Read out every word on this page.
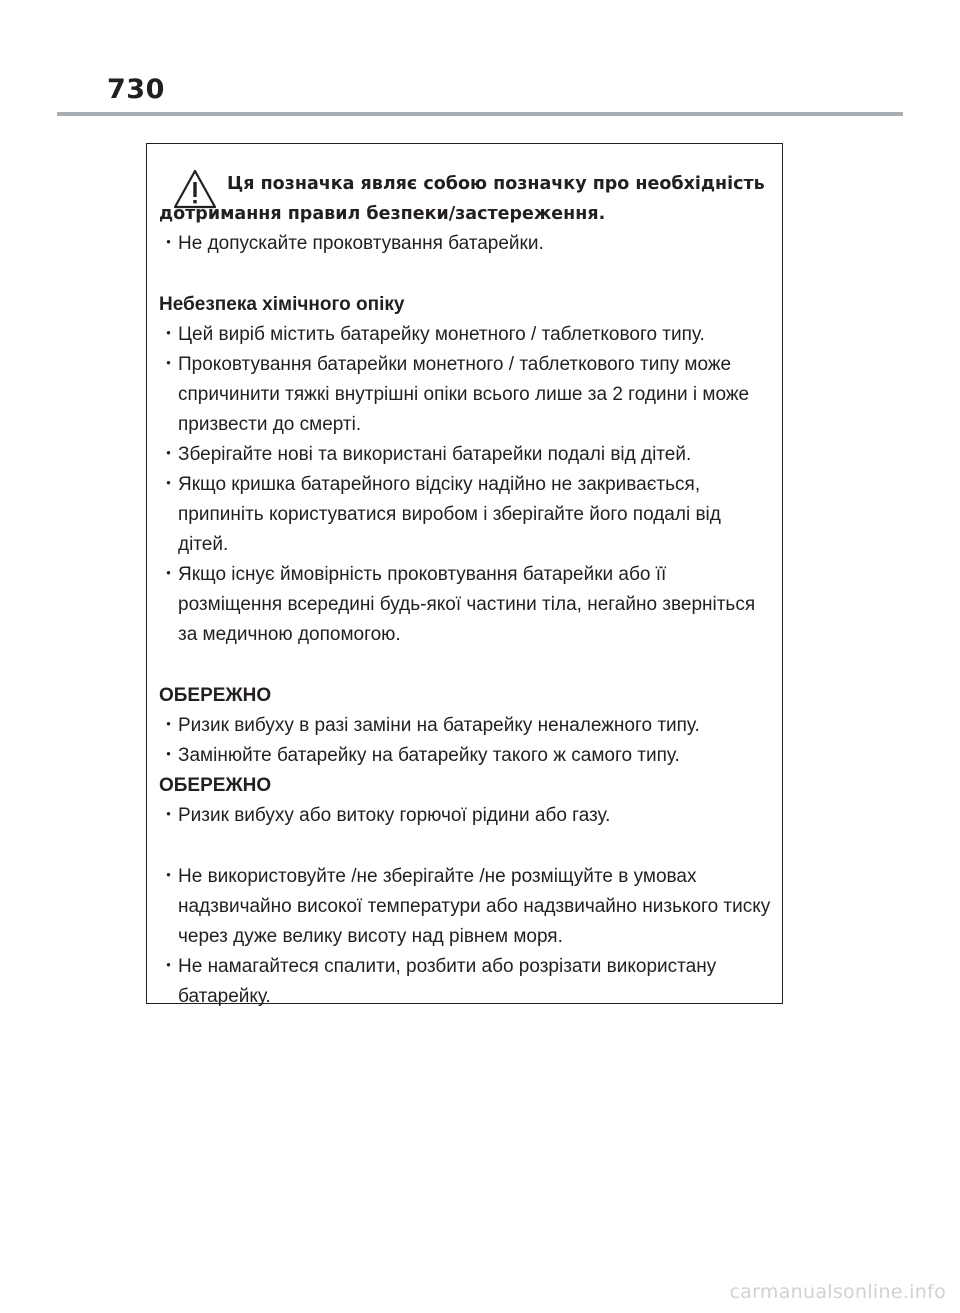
730
Ця позначка являє собою позначку про необхідність
дотримання правил безпеки/застереження.

･ Не допускайте проковтування батарейки.

Небезпека хімічного опіку

･ Цей виріб містить батарейку монетного / таблеткового типу.

･ Проковтування батарейки монетного / таблеткового типу може спричинити тяжкі внутрішні опіки всього лише за 2 години і може призвести до смерті.

･ Зберігайте нові та використані батарейки подалі від дітей.

･ Якщо кришка батарейного відсіку надійно не закривається, припиніть користуватися виробом і зберігайте його подалі від дітей.

･ Якщо існує ймовірність проковтування батарейки або її розміщення всередині будь-якої частини тіла, негайно зверніться за медичною допомогою.

ОБЕРЕЖНО

･ Ризик вибуху в разі заміни на батарейку неналежного типу.

･ Замінюйте батарейку на батарейку такого ж самого типу.

ОБЕРЕЖНО

･ Ризик вибуху або витоку горючої рідини або газу.

･ Не використовуйте /не зберігайте /не розміщуйте в умовах надзвичайно високої температури або надзвичайно низького тиску через дуже велику висоту над рівнем моря.

･ Не намагайтеся спалити, розбити або розрізати використану батарейку.

carmanualsonline.info
